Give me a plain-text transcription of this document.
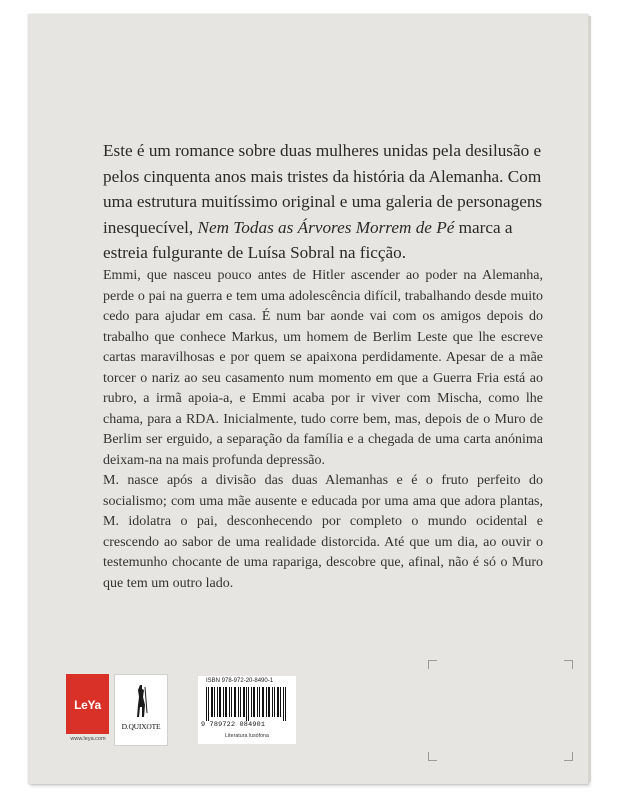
Este é um romance sobre duas mulheres unidas pela desilusão e pelos cinquenta anos mais tristes da história da Alemanha. Com uma estrutura muitíssimo original e uma galeria de personagens inesquecível, Nem Todas as Árvores Morrem de Pé marca a estreia fulgurante de Luísa Sobral na ficção.

Emmi, que nasceu pouco antes de Hitler ascender ao poder na Alemanha, perde o pai na guerra e tem uma adolescência difícil, trabalhando desde muito cedo para ajudar em casa. É num bar aonde vai com os amigos depois do trabalho que conhece Markus, um homem de Berlim Leste que lhe escreve cartas maravilhosas e por quem se apaixona perdidamente. Apesar de a mãe torcer o nariz ao seu casamento num momento em que a Guerra Fria está ao rubro, a irmã apoia-a, e Emmi acaba por ir viver com Mischa, como lhe chama, para a RDA. Inicialmente, tudo corre bem, mas, depois de o Muro de Berlim ser erguido, a separação da família e a chegada de uma carta anónima deixam-na na mais profunda depressão.

M. nasce após a divisão das duas Alemanhas e é o fruto perfeito do socialismo; com uma mãe ausente e educada por uma ama que adora plantas, M. idolatra o pai, desconhecendo por completo o mundo ocidental e crescendo ao sabor de uma realidade distorcida. Até que um dia, ao ouvir o testemunho chocante de uma rapariga, descobre que, afinal, não é só o Muro que tem um outro lado.

LeYa
www.leya.com
D.QUIXOTE
ISBN 978-972-20-8490-1
9 789722 084901
Literatura lusófona
